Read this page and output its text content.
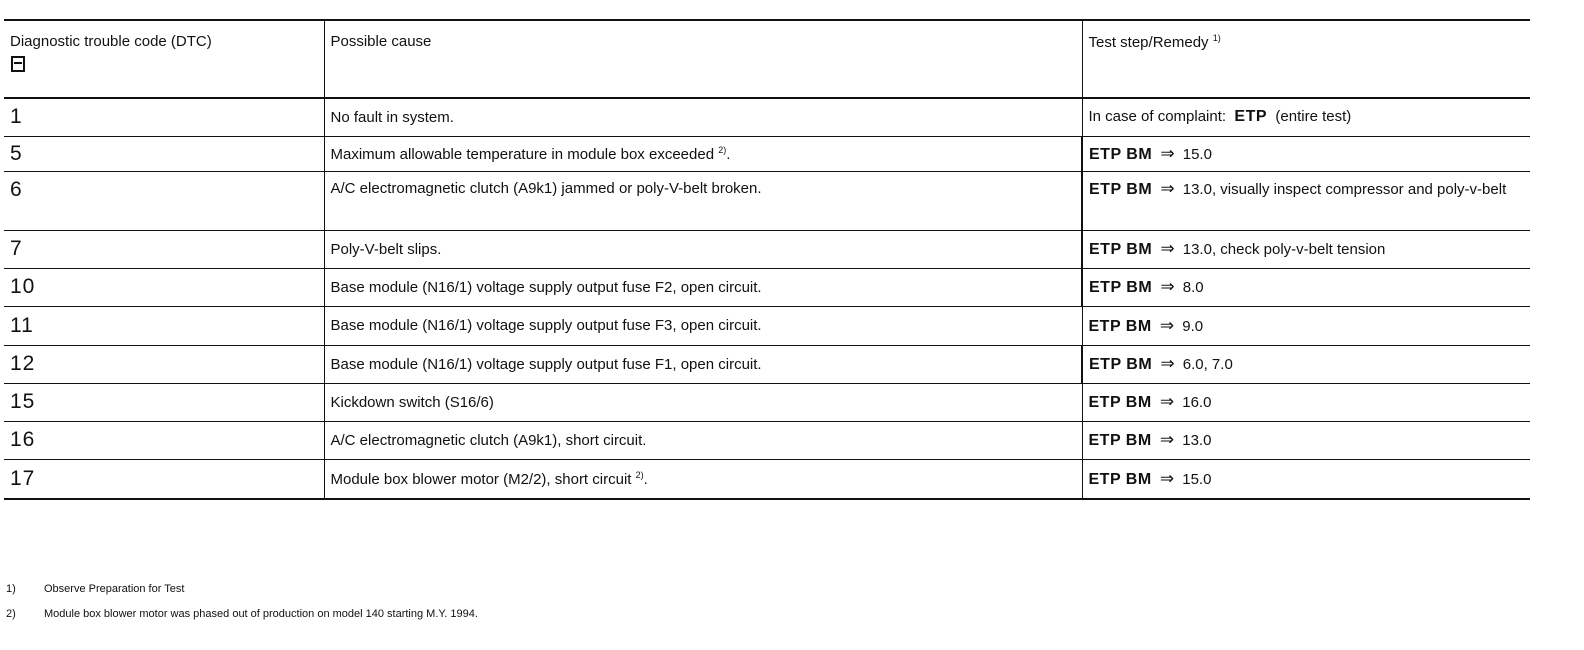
Diagnostic trouble code (DTC)	Possible cause	Test step/Remedy $^{1)}$
1	No fault in system.	In case of complaint: ETP (entire test)
5	Maximum allowable temperature in module box exceeded $^{2)}$.	ETP BM ⇒ 15.0
6	A/C electromagnetic clutch (A9k1) jammed or poly-V-belt broken.	ETP BM ⇒ 13.0, visually inspect compressor and poly-v-belt
7	Poly-V-belt slips.	ETP BM ⇒ 13.0, check poly-v-belt tension
10	Base module (N16/1) voltage supply output fuse F2, open circuit.	ETP BM ⇒ 8.0
11	Base module (N16/1) voltage supply output fuse F3, open circuit.	ETP BM ⇒ 9.0
12	Base module (N16/1) voltage supply output fuse F1, open circuit.	ETP BM ⇒ 6.0, 7.0
15	Kickdown switch (S16/6)	ETP BM ⇒ 16.0
16	A/C electromagnetic clutch (A9k1), short circuit.	ETP BM ⇒ 13.0
17	Module box blower motor (M2/2), short circuit $^{2)}$.	ETP BM ⇒ 15.0
1)	Observe Preparation for Test
2)	Module box blower motor was phased out of production on model 140 starting M.Y. 1994.
